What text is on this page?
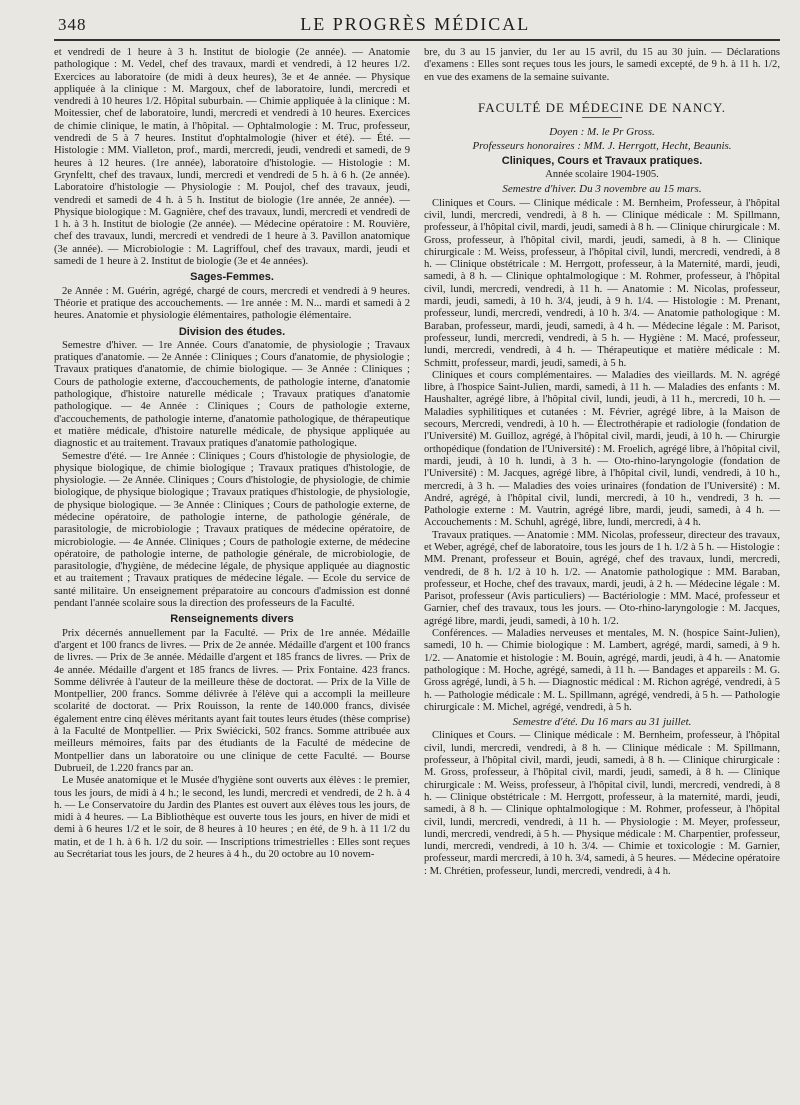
348	LE PROGRÈS MÉDICAL

et vendredi de 1 heure à 3 h. Institut de biologie (2e année). — Anatomie pathologique : M. Vedel, chef des travaux, mardi et vendredi, à 12 heures 1/2. Exercices au laboratoire (de midi à deux heures), 3e et 4e année. — Physique appliquée à la clinique : M. Margoux, chef de laboratoire, lundi, mercredi et vendredi à 10 heures 1/2. Hôpital suburbain. — Chimie appliquée à la clinique : M. Moitessier, chef de laboratoire, lundi, mercredi et vendredi à 10 heures. Exercices de chimie clinique, le matin, à l'hôpital. — Ophtalmologie : M. Truc, professeur, vendredi de 5 à 7 heures. Institut d'ophtalmologie (hiver et été). — Été. — Histologie : MM. Vialleton, prof., mardi, mercredi, jeudi, vendredi et samedi, de 9 heures à 12 heures. (1re année), laboratoire d'histologie. — Histologie : M. Grynfeltt, chef des travaux, lundi, mercredi et vendredi de 5 h. à 6 h. (2e année). Laboratoire d'histologie — Physiologie : M. Poujol, chef des travaux, jeudi, vendredi et samedi de 4 h. à 5 h. Institut de biologie (1re année, 2e année). — Physique biologique : M. Gagnière, chef des travaux, lundi, mercredi et vendredi de 1 h. à 3 h. Institut de biologie (2e année). — Médecine opératoire : M. Rouvière, chef des travaux, lundi, mercredi et vendredi de 1 heure à 3. Pavillon anatomique (3e année). — Microbiologie : M. Lagriffoul, chef des travaux, mardi, jeudi et samedi de 1 heure à 2. Institut de biologie (3e et 4e années).

Sages-Femmes.

2e Année : M. Guérin, agrégé, chargé de cours, mercredi et vendredi à 9 heures. Théorie et pratique des accouchements. — 1re année : M. N... mardi et samedi à 2 heures. Anatomie et physiologie élémentaires, pathologie élémentaire.

Division des études.

Semestre d'hiver. — 1re Année. Cours d'anatomie, de physiologie ; Travaux pratiques d'anatomie. — 2e Année : Cliniques ; Cours d'anatomie, de physiologie ; Travaux pratiques d'anatomie, de chimie biologique. — 3e Année : Cliniques ; Cours de pathologie externe, d'accouchements, de pathologie interne, d'anatomie pathologique, d'histoire naturelle médicale ; Travaux pratiques d'anatomie pathologique. — 4e Année : Cliniques ; Cours de pathologie externe, d'accouchements, de pathologie interne, d'anatomie pathologique, de thérapeutique et matière médicale, d'histoire naturelle médicale, de physique appliquée au diagnostic et au traitement. Travaux pratiques d'anatomie pathologique.

Semestre d'été. — 1re Année : Cliniques ; Cours d'histologie de physiologie, de physique biologique, de chimie biologique ; Travaux pratiques d'histologie, de physiologie. — 2e Année. Cliniques ; Cours d'histologie, de physiologie, de chimie biologique, de physique biologique ; Travaux pratiques d'histologie, de physiologie, de physique biologique. — 3e Année : Cliniques ; Cours de pathologie externe, de médecine opératoire, de pathologie interne, de pathologie générale, de parasitologie, de microbiologie ; Travaux pratiques de médecine opératoire, de microbiologie. — 4e Année. Cliniques ; Cours de pathologie externe, de médecine opératoire, de pathologie interne, de pathologie générale, de microbiologie, de parasitologie, d'hygiène, de médecine légale, de physique appliquée au diagnostic et au traitement ; Travaux pratiques de médecine légale. — Ecole du service de santé militaire. Un enseignement préparatoire au concours d'admission est donné pendant l'année scolaire sous la direction des professeurs de la Faculté.

Renseignements divers

Prix décernés annuellement par la Faculté. — Prix de 1re année. Médaille d'argent et 100 francs de livres. — Prix de 2e année. Médaille d'argent et 100 francs de livres. — Prix de 3e année. Médaille d'argent et 185 francs de livres. — Prix de 4e année. Médaille d'argent et 185 francs de livres. — Prix Fontaine. 423 francs. Somme délivrée à l'auteur de la meilleure thèse de doctorat. — Prix de la Ville de Montpellier, 200 francs. Somme délivrée à l'élève qui a accompli la meilleure scolarité de doctorat. — Prix Rouisson, la rente de 140.000 francs, divisée également entre cinq élèves méritants ayant fait toutes leurs études (thèse comprise) à la Faculté de Montpellier. — Prix Swiécicki, 502 francs. Somme attribuée aux meilleurs mémoires, faits par des étudiants de la Faculté de médecine de Montpellier dans un laboratoire ou une clinique de cette Faculté. — Bourse Dubrueil, de 1.220 francs par an.

Le Musée anatomique et le Musée d'hygiène sont ouverts aux élèves : le premier, tous les jours, de midi à 4 h.; le second, les lundi, mercredi et vendredi, de 2 h. à 4 h. — Le Conservatoire du Jardin des Plantes est ouvert aux élèves tous les jours, de midi à 4 heures. — La Bibliothèque est ouverte tous les jours, en hiver de midi et demi à 6 heures 1/2 et le soir, de 8 heures à 10 heures ; en été, de 9 h. à 11 1/2 du matin, et de 1 h. à 6 h. 1/2 du soir. — Inscriptions trimestrielles : Elles sont reçues au Secrétariat tous les jours, de 2 heures à 4 h., du 20 octobre au 10 novem-

bre, du 3 au 15 janvier, du 1er au 15 avril, du 15 au 30 juin. — Déclarations d'examens : Elles sont reçues tous les jours, le samedi excepté, de 9 h. à 11 h. 1/2, en vue des examens de la semaine suivante.

FACULTÉ DE MÉDECINE DE NANCY.
Doyen : M. le Pr Gross.
Professeurs honoraires : MM. J. Herrgott, Hecht, Beaunis.
Cliniques, Cours et Travaux pratiques.
Année scolaire 1904-1905.
Semestre d'hiver. Du 3 novembre au 15 mars.

Cliniques et Cours. — Clinique médicale : M. Bernheim, Professeur, à l'hôpital civil, lundi, mercredi, vendredi, à 8 h. — Clinique médicale : M. Spillmann, professeur, à l'hôpital civil, mardi, jeudi, samedi à 8 h. — Clinique chirurgicale : M. Gross, professeur, à l'hôpital civil, mardi, jeudi, samedi, à 8 h. — Clinique chirurgicale : M. Weiss, professeur, à l'hôpital civil, lundi, mercredi, vendredi, à 8 h. — Clinique obstétricale : M. Herrgott, professeur, à la Maternité, mardi, jeudi, samedi, à 8 h. — Clinique ophtalmologique : M. Rohmer, professeur, à l'hôpital civil, lundi, mercredi, vendredi, à 11 h. — Anatomie : M. Nicolas, professeur, mardi, jeudi, samedi, à 10 h. 3/4, jeudi, à 9 h. 1/4. — Histologie : M. Prenant, professeur, lundi, mercredi, vendredi, à 10 h. 3/4. — Anatomie pathologique : M. Baraban, professeur, mardi, jeudi, samedi, à 4 h. — Médecine légale : M. Parisot, professeur, lundi, mercredi, vendredi, à 5 h. — Hygiène : M. Macé, professeur, lundi, mercredi, vendredi, à 4 h. — Thérapeutique et matière médicale : M. Schmitt, professeur, mardi, jeudi, samedi, à 5 h.

Cliniques et cours complémentaires. — Maladies des vieillards. M. N. agrégé libre, à l'hospice Saint-Julien, mardi, samedi, à 11 h. — Maladies des enfants : M. Haushalter, agrégé libre, à l'hôpital civil, lundi, jeudi, à 11 h., mercredi, 10 h. — Maladies syphilitiques et cutanées : M. Février, agrégé libre, à la Maison de secours, Mercredi, vendredi, à 10 h. — Électrothérapie et radiologie (fondation de l'Université) M. Guilloz, agrégé, à l'hôpital civil, mardi, jeudi, à 10 h. — Chirurgie orthopédique (fondation de l'Université) : M. Froelich, agrégé libre, à l'hôpital civil, mardi, jeudi, à 10 h. lundi, à 3 h. — Oto-rhino-laryngologie (fondation de l'Université) : M. Jacques, agrégé libre, à l'hôpital civil, lundi, vendredi, à 10 h., mercredi, à 3 h. — Maladies des voies urinaires (fondation de l'Université) : M. André, agrégé, à l'hôpital civil, lundi, mercredi, à 10 h., vendredi, 3 h. — Pathologie externe : M. Vautrin, agrégé libre, mardi, jeudi, samedi, à 4 h. — Accouchements : M. Schuhl, agrégé, libre, lundi, mercredi, à 4 h.

Travaux pratiques. — Anatomie : MM. Nicolas, professeur, directeur des travaux, et Weber, agrégé, chef de laboratoire, tous les jours de 1 h. 1/2 à 5 h. — Histologie : MM. Prenant, professeur et Bouin, agrégé, chef des travaux, lundi, mercredi, vendredi, de 8 h. 1/2 à 10 h. 1/2. — Anatomie pathologique : MM. Baraban, professeur, et Hoche, chef des travaux, mardi, jeudi, à 2 h. — Médecine légale : M. Parisot, professeur (Avis particuliers) — Bactériologie : MM. Macé, professeur et Garnier, chef des travaux, tous les jours. — Oto-rhino-laryngologie : M. Jacques, agrégé libre, mardi, jeudi, samedi, à 10 h. 1/2.

Conférences. — Maladies nerveuses et mentales, M. N. (hospice Saint-Julien), samedi, 10 h. — Chimie biologique : M. Lambert, agrégé, mardi, samedi, à 9 h. 1/2. — Anatomie et histologie : M. Bouin, agrégé, mardi, jeudi, à 4 h. — Anatomie pathologique : M. Hoche, agrégé, samedi, à 11 h. — Bandages et appareils : M. G. Gross agrégé, lundi, à 5 h. — Diagnostic médical : M. Richon agrégé, vendredi, à 5 h. — Pathologie médicale : M. L. Spillmann, agrégé, vendredi, à 5 h. — Pathologie chirurgicale : M. Michel, agrégé, vendredi, à 5 h.

Semestre d'été. Du 16 mars au 31 juillet.

Cliniques et Cours. — Clinique médicale : M. Bernheim, professeur, à l'hôpital civil, lundi, mercredi, vendredi, à 8 h. — Clinique médicale : M. Spillmann, professeur, à l'hôpital civil, mardi, jeudi, samedi, à 8 h. — Clinique chirurgicale : M. Gross, professeur, à l'hôpital civil, mardi, jeudi, samedi, à 8 h. — Clinique chirurgicale : M. Weiss, professeur, à l'hôpital civil, lundi, mercredi, vendredi, à 8 h. — Clinique obstétricale : M. Herrgott, professeur, à la maternité, mardi, jeudi, samedi, à 8 h. — Clinique ophtalmologique : M. Rohmer, professeur, à l'hôpital civil, lundi, mercredi, vendredi, à 11 h. — Physiologie : M. Meyer, professeur, lundi, mercredi, vendredi, à 5 h. — Physique médicale : M. Charpentier, professeur, lundi, mercredi, vendredi, à 10 h. 3/4. — Chimie et toxicologie : M. Garnier, professeur, mardi mercredi, à 10 h. 3/4, samedi, à 5 heures. — Médecine opératoire : M. Chrétien, professeur, lundi, mercredi, vendredi, à 4 h.
